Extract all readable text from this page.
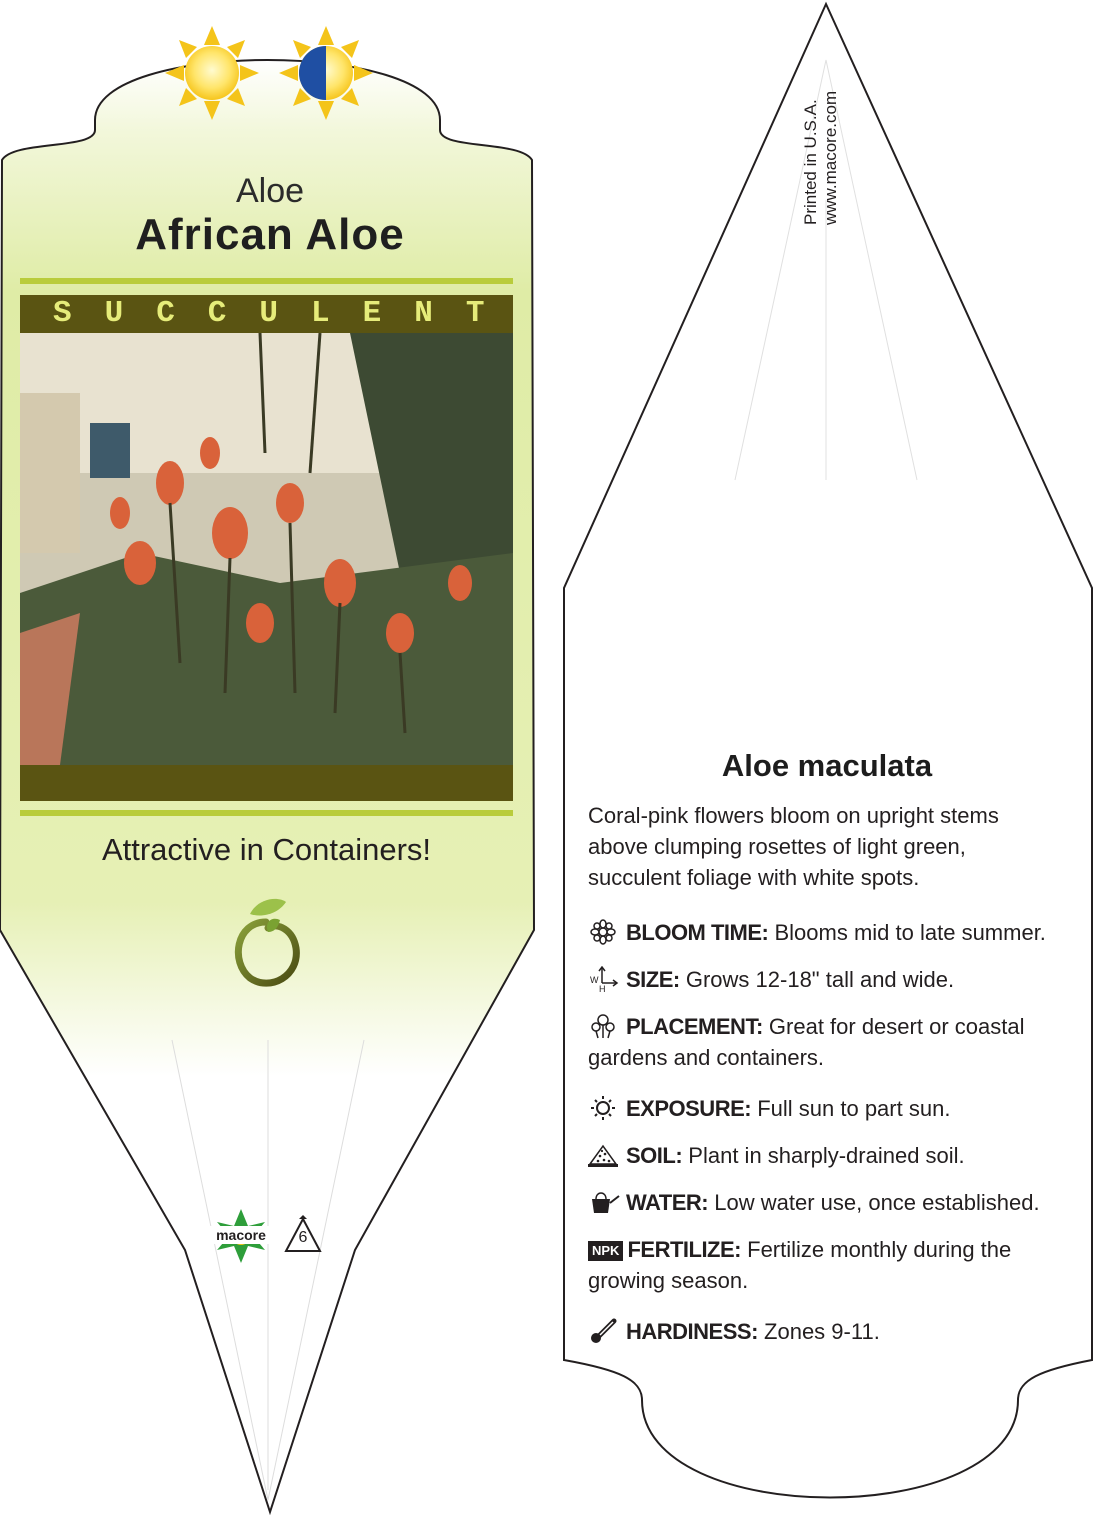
Aloe
African Aloe
SUCCULENT
Attractive in Containers!
macore	6
Printed in U.S.A. www.macore.com
Aloe maculata
Coral-pink flowers bloom on upright stems above clumping rosettes of light green, succulent foliage with white spots.
BLOOM TIME: Blooms mid to late summer.
W
H SIZE: Grows 12-18" tall and wide.
PLACEMENT: Great for desert or coastal gardens and containers.
EXPOSURE: Full sun to part sun.
SOIL: Plant in sharply-drained soil.
WATER: Low water use, once established.
NPK FERTILIZE: Fertilize monthly during the growing season.
HARDINESS: Zones 9-11.
